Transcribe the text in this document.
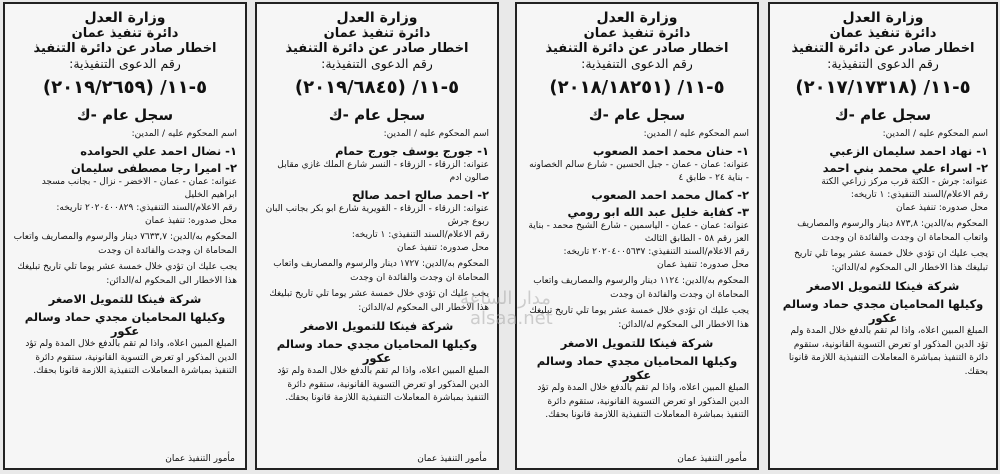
وزارة العدل
دائرة تنفيذ عمان
اخطار صادر عن دائرة التنفيذ
رقم الدعوى التنفيذية:
٥-١١/ (٢٠١٧/١٧٣١٨)
سجل عام -ك
اسم المحكوم عليه / المدين:
١- نهاد احمد سليمان الزعبي
٢- اسراء علي محمد بني احمد
عنوانه: جرش - الكتة قرب مركز زراعي الكتة
رقم الاعلام/السند التنفيذي: ١ تاريخه:
محل صدوره: تنفيذ عمان
المحكوم به/الدين: ٨٧٣,٨ دينار والرسوم والمصاريف واتعاب المحاماة ان وجدت والفائدة ان وجدت
يجب عليك ان تؤدي خلال خمسة عشر يوما تلي تاريخ تبليغك هذا الاخطار الى المحكوم له/الدائن:
شركة فينكا للتمويل الاصغر
وكيلها المحاميان مجدي حماد وسالم عكور
المبلغ المبين اعلاه، واذا لم تقم بالدفع خلال المدة ولم تؤد الدين المذكور او تعرض التسوية القانونية، ستقوم دائرة التنفيذ بمباشرة المعاملات التنفيذية اللازمة قانونا بحقك.
وزارة العدل
دائرة تنفيذ عمان
اخطار صادر عن دائرة التنفيذ
رقم الدعوى التنفيذية:
٥-١١/ (٢٠١٨/١٨٢٥١)
سجل عام -ك
اسم المحكوم عليه / المدين:
١- حنان محمد احمد الصعوب
عنوانه: عمان - عمان - جبل الحسين - شارع سالم الخصاونه - بناية ٢٤ - طابق ٤
٢- كمال محمد احمد الصعوب
٣- كفاية خليل عبد الله ابو رومي
عنوانه: عمان - عمان - الياسمين - شارع الشيخ محمد - بناية العز رقم ٥٨ - الطابق الثالث
رقم الاعلام/السند التنفيذي: ٢٠٢٠٤٠٠٥٦٣٧ تاريخه:
محل صدوره: تنفيذ عمان
المحكوم به/الدين: ١١٢٤ دينار والرسوم والمصاريف واتعاب المحاماة ان وجدت والفائدة ان وجدت
يجب عليك ان تؤدي خلال خمسة عشر يوما تلي تاريخ تبليغك هذا الاخطار الى المحكوم له/الدائن:
شركة فينكا للتمويل الاصغر
وكيلها المحاميان مجدي حماد وسالم عكور
المبلغ المبين اعلاه، واذا لم تقم بالدفع خلال المدة ولم تؤد الدين المذكور او تعرض التسوية القانونية، ستقوم دائرة التنفيذ بمباشرة المعاملات التنفيذية اللازمة قانونا بحقك.
مأمور التنفيذ عمان
وزارة العدل
دائرة تنفيذ عمان
اخطار صادر عن دائرة التنفيذ
رقم الدعوى التنفيذية:
٥-١١/ (٢٠١٩/٦٨٤٥)
سجل عام -ك
اسم المحكوم عليه / المدين:
١- جورج يوسف جورج حمام
عنوانه: الزرقاء - الزرقاء - النسر شارع الملك غازي مقابل صالون ادم
٢- احمد صالح احمد صالح
عنوانه: الزرقاء - الزرقاء - القويرية شارع ابو بكر بجانب البان ربوع جرش
رقم الاعلام/السند التنفيذي: ١ تاريخه:
محل صدوره: تنفيذ عمان
المحكوم به/الدين: ١٧٢٧ دينار والرسوم والمصاريف واتعاب المحاماة ان وجدت والفائدة ان وجدت
يجب عليك ان تؤدي خلال خمسة عشر يوما تلي تاريخ تبليغك هذا الاخطار الى المحكوم له/الدائن:
شركة فينكا للتمويل الاصغر
وكيلها المحاميان مجدي حماد وسالم عكور
المبلغ المبين اعلاه، واذا لم تقم بالدفع خلال المدة ولم تؤد الدين المذكور او تعرض التسوية القانونية، ستقوم دائرة التنفيذ بمباشرة المعاملات التنفيذية اللازمة قانونا بحقك.
مأمور التنفيذ عمان
وزارة العدل
دائرة تنفيذ عمان
اخطار صادر عن دائرة التنفيذ
رقم الدعوى التنفيذية:
٥-١١/ (٢٠١٩/٢٦٥٩)
سجل عام -ك
اسم المحكوم عليه / المدين:
١- نضال احمد علي الحوامده
٢- اميرا رجا مصطفى سليمان
عنوانه: عمان - عمان - الاخضر - نزال - بجانب مسجد ابراهيم الخليل
رقم الاعلام/السند التنفيذي: ٢٠٢٠٤٠٠٨٢٩ تاريخه:
محل صدوره: تنفيذ عمان
المحكوم به/الدين: ٧٦٣٣,٧ دينار والرسوم والمصاريف واتعاب المحاماة ان وجدت والفائدة ان وجدت
يجب عليك ان تؤدي خلال خمسة عشر يوما تلي تاريخ تبليغك هذا الاخطار الى المحكوم له/الدائن:
شركة فينكا للتمويل الاصغر
وكيلها المحاميان مجدي حماد وسالم عكور
المبلغ المبين اعلاه، واذا لم تقم بالدفع خلال المدة ولم تؤد الدين المذكور او تعرض التسوية القانونية، ستقوم دائرة التنفيذ بمباشرة المعاملات التنفيذية اللازمة قانونا بحقك.
مأمور التنفيذ عمان
مدار الساعة
alsaa.net
